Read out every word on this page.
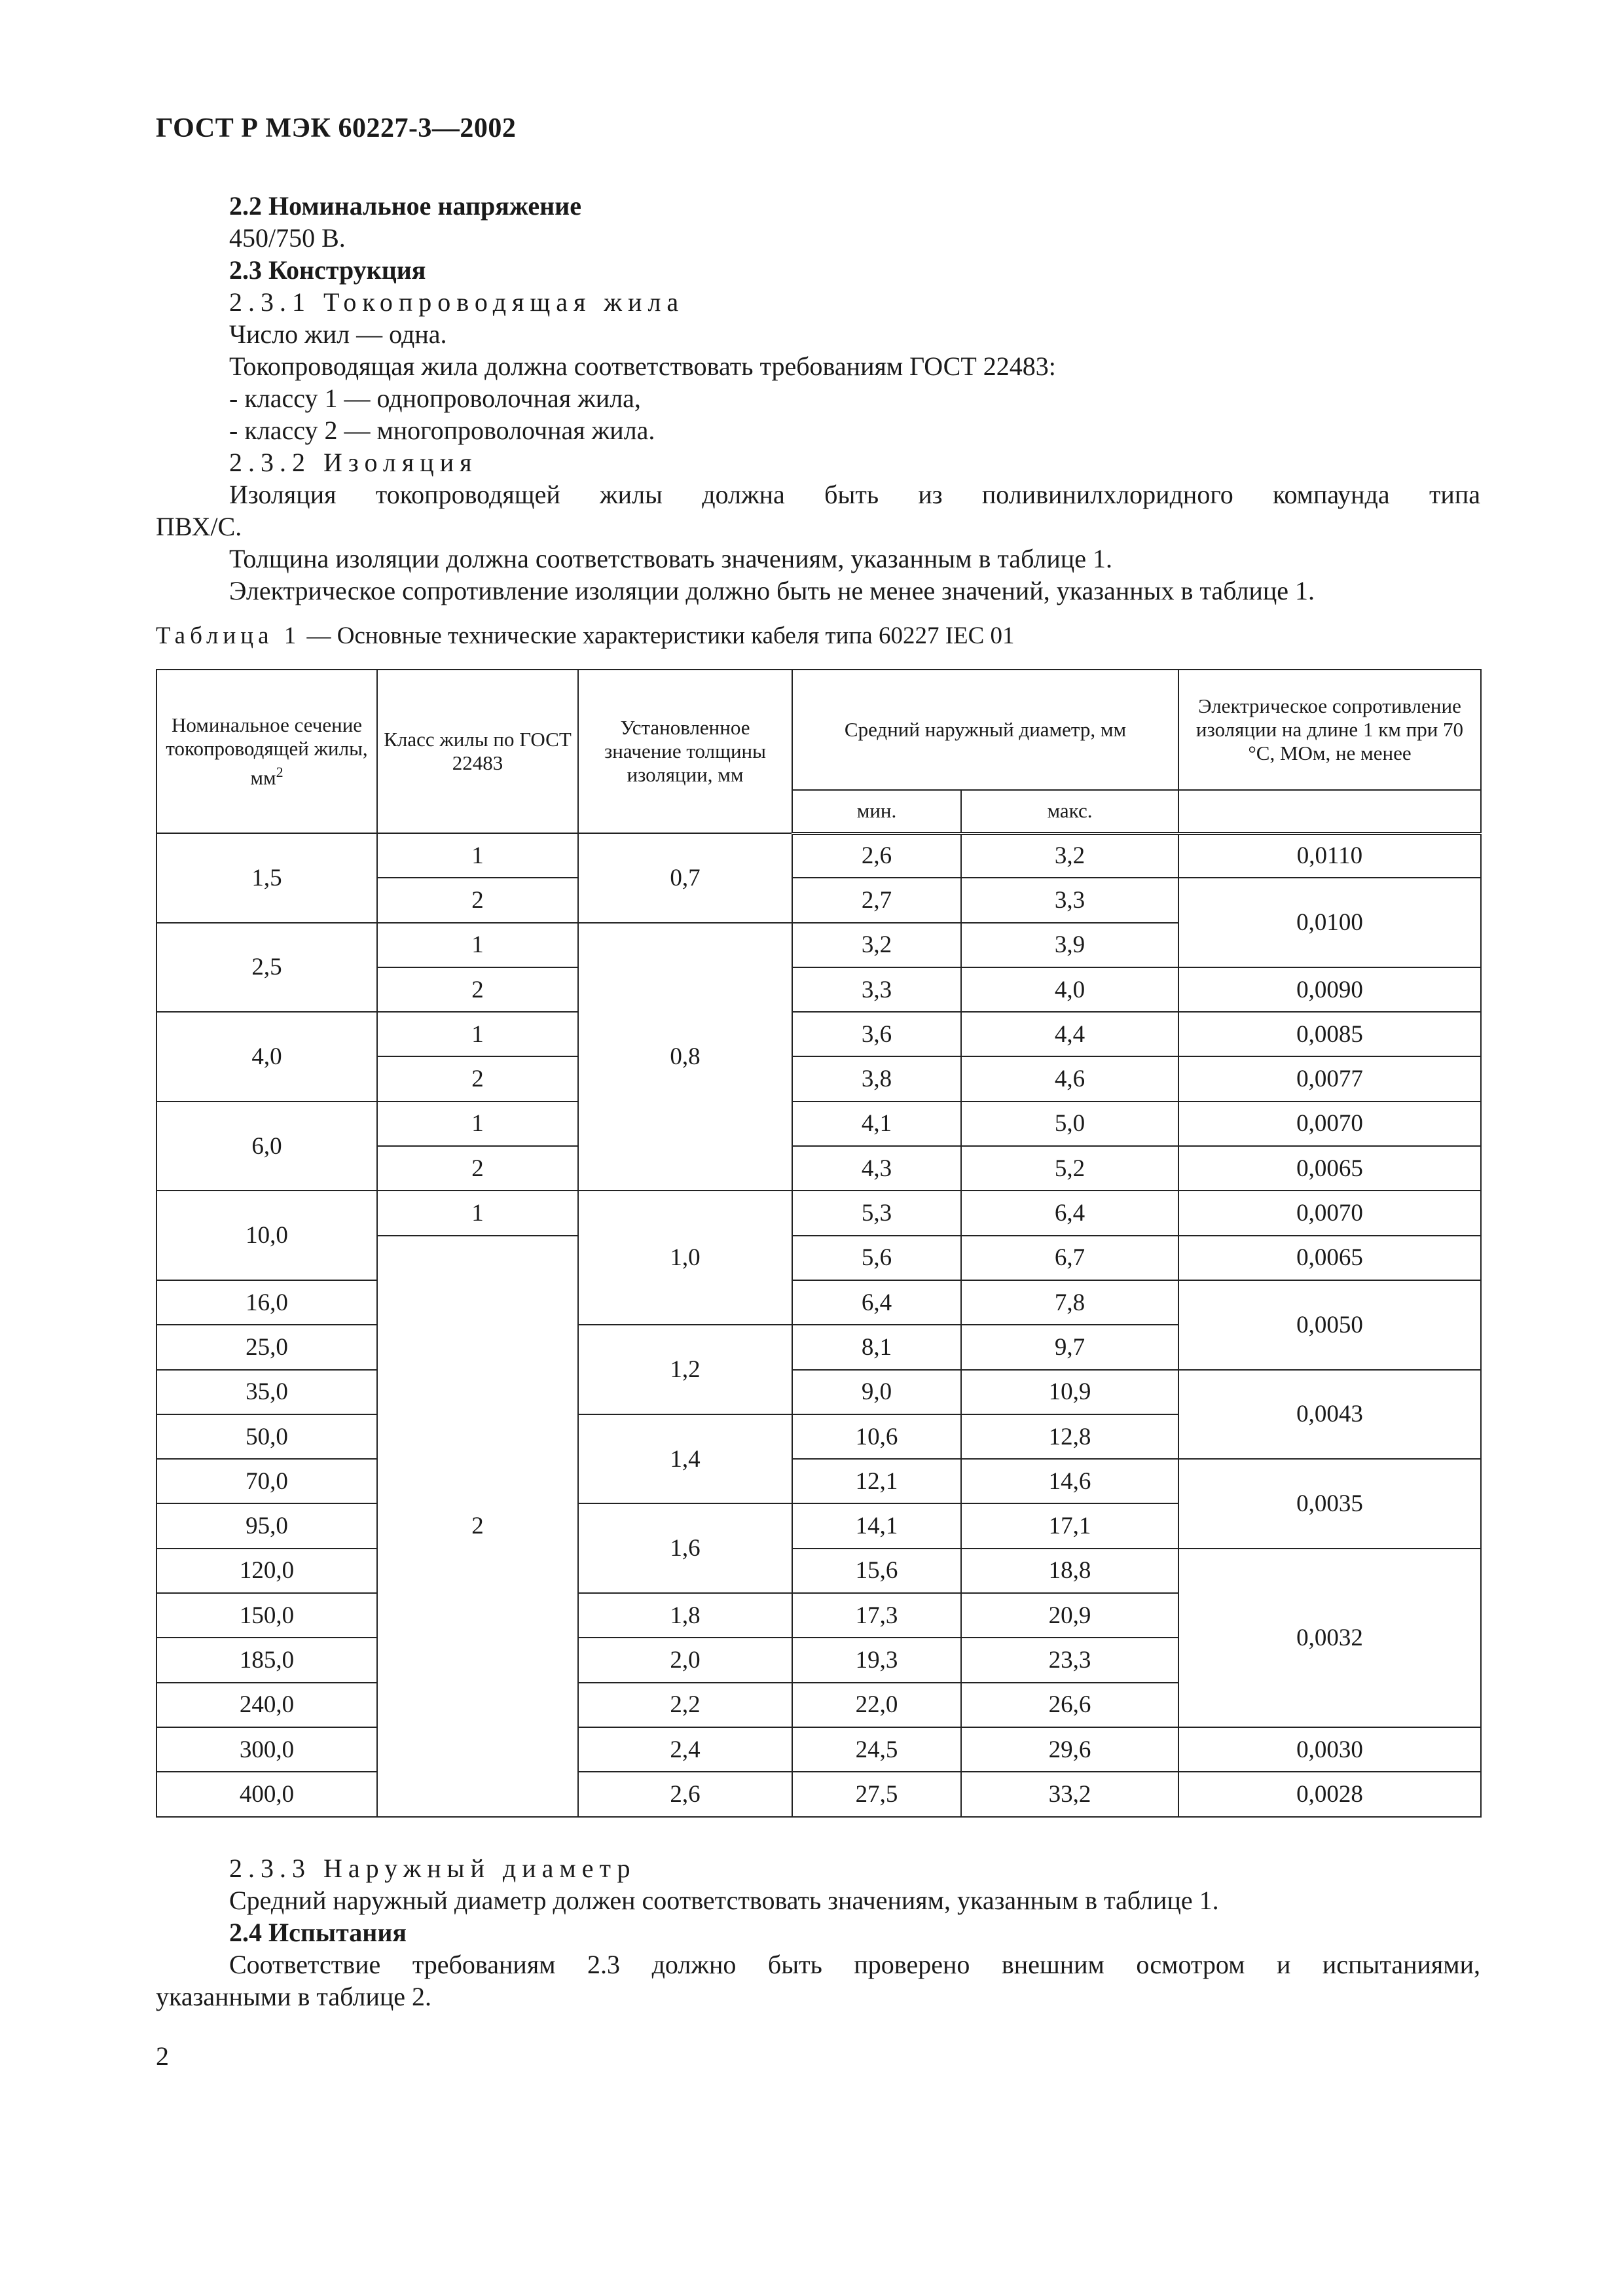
ГОСТ Р МЭК 60227-3—2002
2.2 Номинальное напряжение
450/750 В.
2.3 Конструкция
2.3.1 Токопроводящая жила
Число жил — одна.
Токопроводящая жила должна соответствовать требованиям ГОСТ 22483:
- классу 1 — однопроволочная жила,
- классу 2 — многопроволочная жила.
2.3.2 Изоляция
Изоляция токопроводящей жилы должна быть из поливинилхлоридного компаунда типа
ПВХ/С.
Толщина изоляции должна соответствовать значениям, указанным в таблице 1.
Электрическое сопротивление изоляции должно быть не менее значений, указанных в таблице 1.
Таблица 1 — Основные технические характеристики кабеля типа 60227 IEC 01
Номинальное сечение токопроводящей жилы, $мм^2$	Класс жилы по ГОСТ 22483	Установленное значение толщины изоляции, мм	Средний наружный диаметр, мм		Электрическое сопротивление изоляции на длине 1 км при 70 °С, МОм, не менее
			мин.	макс.	
1,5	1	0,7	2,6	3,2	0,0110
	2		2,7	3,3	0,0100
2,5	1	0,8	3,2	3,9	
	2		3,3	4,0	0,0090
4,0	1		3,6	4,4	0,0085
	2		3,8	4,6	0,0077
6,0	1		4,1	5,0	0,0070
	2		4,3	5,2	0,0065
10,0	1	1,0	5,3	6,4	0,0070
	2		5,6	6,7	0,0065
16,0			6,4	7,8	0,0050
25,0		1,2	8,1	9,7	
35,0			9,0	10,9	0,0043
50,0		1,4	10,6	12,8	
70,0			12,1	14,6	0,0035
95,0		1,6	14,1	17,1	
120,0			15,6	18,8	0,0032
150,0		1,8	17,3	20,9	
185,0		2,0	19,3	23,3	
240,0		2,2	22,0	26,6	
300,0		2,4	24,5	29,6	0,0030
400,0		2,6	27,5	33,2	0,0028
2.3.3 Наружный диаметр
Средний наружный диаметр должен соответствовать значениям, указанным в таблице 1.
2.4 Испытания
Соответствие требованиям 2.3 должно быть проверено внешним осмотром и испытаниями,
указанными в таблице 2.
2
